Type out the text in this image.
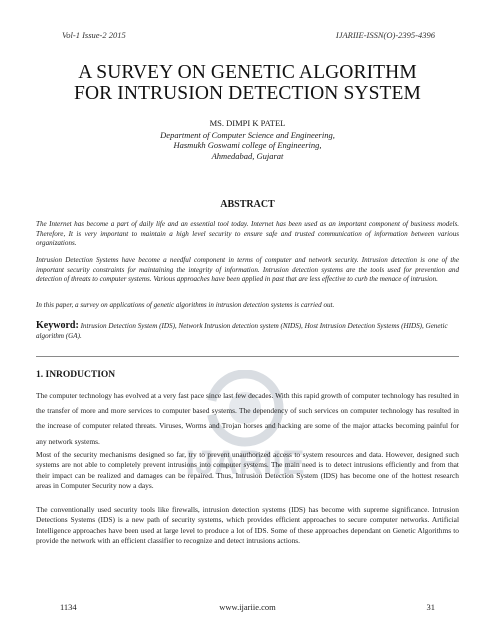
Vol-1 Issue-2 2015	IJARIIE-ISSN(O)-2395-4396
A SURVEY ON GENETIC ALGORITHM
FOR INTRUSION DETECTION SYSTEM
MS. DIMPI K PATEL
Department of Computer Science and Engineering,
Hasmukh Goswami college of Engineering,
Ahmedabad, Gujarat
ABSTRACT
The Internet has become a part of daily life and an essential tool today. Internet has been used as an important component of business models. Therefore, It is very important to maintain a high level security to ensure safe and trusted communication of information between various organizations.
Intrusion Detection Systems have become a needful component in terms of computer and network security. Intrusion detection is one of the important security constraints for maintaining the integrity of information. Intrusion detection systems are the tools used for prevention and detection of threats to computer systems. Various approaches have been applied in past that are less effective to curb the menace of intrusion.
In this paper, a survey on applications of genetic algorithms in intrusion detection systems is carried out.
Keyword: Intrusion Detection System (IDS), Network Intrusion detection system (NIDS), Host Intrusion Detection Systems (HIDS), Genetic algorithm (GA).
IJARIIE
1. INRODUCTION
The computer technology has evolved at a very fast pace since last few decades. With this rapid growth of computer technology has resulted in the transfer of more and more services to computer based systems. The dependency of such services on computer technology has resulted in the increase of computer related threats. Viruses, Worms and Trojan horses and hacking are some of the major attacks becoming painful for any network systems.
Most of the security mechanisms designed so far, try to prevent unauthorized access to system resources and data. However, designed such systems are not able to completely prevent intrusions into computer systems. The main need is to detect intrusions efficiently and from that their impact can be realized and damages can be repaired. Thus, Intrusion Detection System (IDS) has become one of the hottest research areas in Computer Security now a days.
The conventionally used security tools like firewalls, intrusion detection systems (IDS) has become with supreme significance. Intrusion Detections Systems (IDS) is a new path of security systems, which provides efficient approaches to secure computer networks. Artificial Intelligence approaches have been used at large level to produce a lot of IDS. Some of these approaches dependant on Genetic Algorithms to provide the network with an efficient classifier to recognize and detect intrusions actions.
1134	www.ijariie.com	31
